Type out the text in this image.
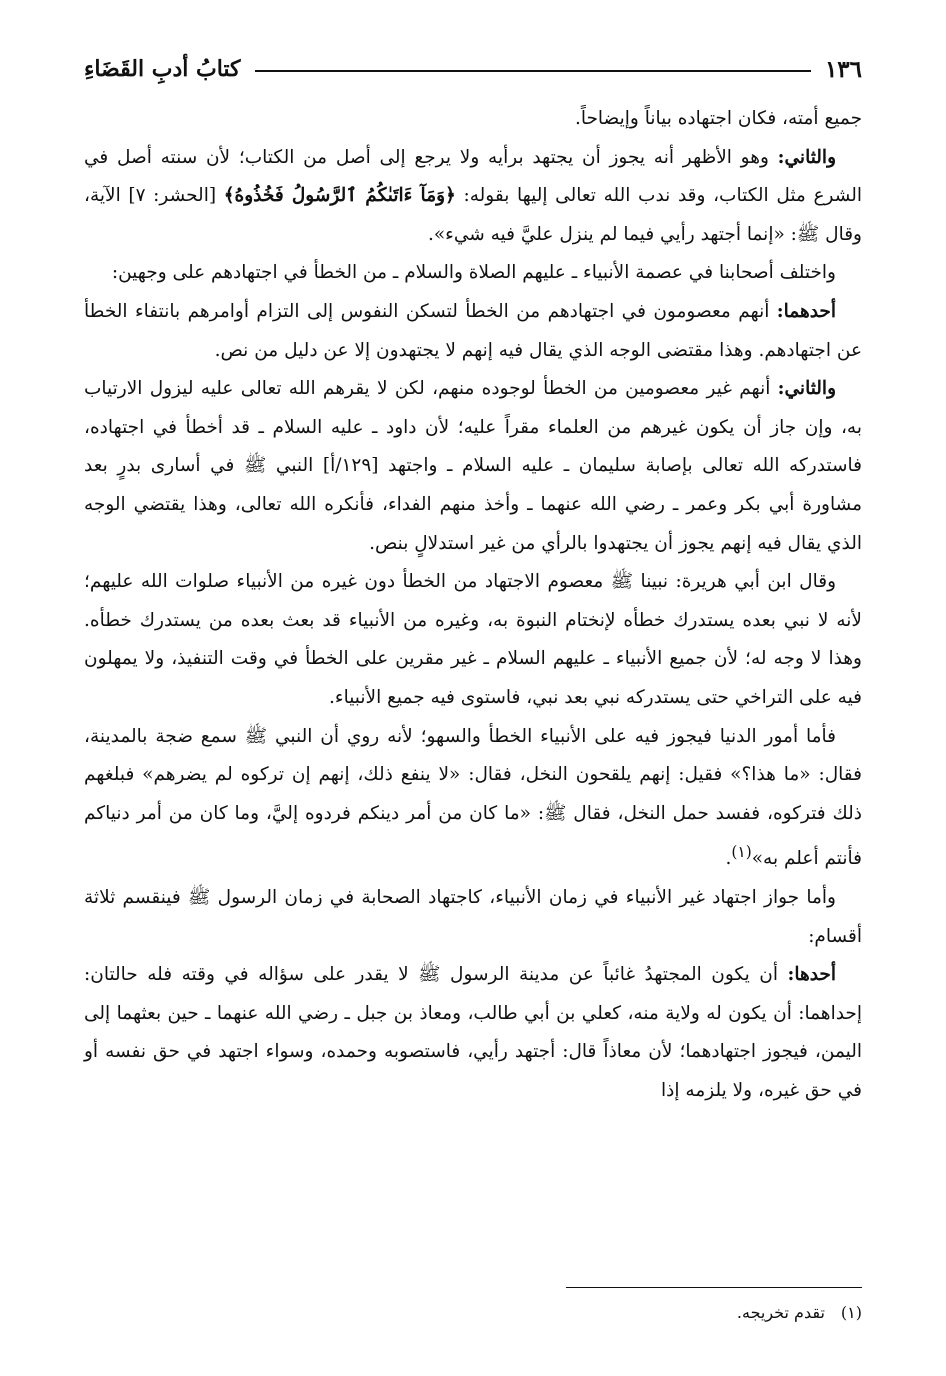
١٣٦
كتابُ أدبِ القَضَاءِ

جميع أمته، فكان اجتهاده بياناً وإيضاحاً.

والثاني: وهو الأظهر أنه يجوز أن يجتهد برأيه ولا يرجع إلى أصل من الكتاب؛ لأن سنته أصل في الشرع مثل الكتاب، وقد ندب الله تعالى إليها بقوله: ﴿وَمَآ ءَاتَىٰكُمُ ٱلرَّسُولُ فَخُذُوهُ﴾ [الحشر: ٧] الآية، وقال ﷺ: «إنما أجتهد رأيي فيما لم ينزل عليَّ فيه شيء».

واختلف أصحابنا في عصمة الأنبياء ـ عليهم الصلاة والسلام ـ من الخطأ في اجتهادهم على وجهين:

أحدهما: أنهم معصومون في اجتهادهم من الخطأ لتسكن النفوس إلى التزام أوامرهم بانتفاء الخطأ عن اجتهادهم. وهذا مقتضى الوجه الذي يقال فيه إنهم لا يجتهدون إلا عن دليل من نص.

والثاني: أنهم غير معصومين من الخطأ لوجوده منهم، لكن لا يقرهم الله تعالى عليه ليزول الارتياب به، وإن جاز أن يكون غيرهم من العلماء مقراً عليه؛ لأن داود ـ عليه السلام ـ قد أخطأ في اجتهاده، فاستدركه الله تعالى بإصابة سليمان ـ عليه السلام ـ واجتهد [١٢٩/أ] النبي ﷺ في أسارى بدرٍ بعد مشاورة أبي بكر وعمر ـ رضي الله عنهما ـ وأخذ منهم الفداء، فأنكره الله تعالى، وهذا يقتضي الوجه الذي يقال فيه إنهم يجوز أن يجتهدوا بالرأي من غير استدلالٍ بنص.

وقال ابن أبي هريرة: نبينا ﷺ معصوم الاجتهاد من الخطأ دون غيره من الأنبياء صلوات الله عليهم؛ لأنه لا نبي بعده يستدرك خطأه لإنختام النبوة به، وغيره من الأنبياء قد بعث بعده من يستدرك خطأه. وهذا لا وجه له؛ لأن جميع الأنبياء ـ عليهم السلام ـ غير مقرين على الخطأ في وقت التنفيذ، ولا يمهلون فيه على التراخي حتى يستدركه نبي بعد نبي، فاستوى فيه جميع الأنبياء.

فأما أمور الدنيا فيجوز فيه على الأنبياء الخطأ والسهو؛ لأنه روي أن النبي ﷺ سمع ضجة بالمدينة، فقال: «ما هذا؟» فقيل: إنهم يلقحون النخل، فقال: «لا ينفع ذلك، إنهم إن تركوه لم يضرهم» فبلغهم ذلك فتركوه، ففسد حمل النخل، فقال ﷺ: «ما كان من أمر دينكم فردوه إليَّ، وما كان من أمر دنياكم فأنتم أعلم به»$^{(١)}$.

وأما جواز اجتهاد غير الأنبياء في زمان الأنبياء، كاجتهاد الصحابة في زمان الرسول ﷺ فينقسم ثلاثة أقسام:

أحدها: أن يكون المجتهدُ غائباً عن مدينة الرسول ﷺ لا يقدر على سؤاله في وقته فله حالتان: إحداهما: أن يكون له ولاية منه، كعلي بن أبي طالب، ومعاذ بن جبل ـ رضي الله عنهما ـ حين بعثهما إلى اليمن، فيجوز اجتهادهما؛ لأن معاذاً قال: أجتهد رأيي، فاستصوبه وحمده، وسواء اجتهد في حق نفسه أو في حق غيره، ولا يلزمه إذا

(١)تقدم تخريجه.
